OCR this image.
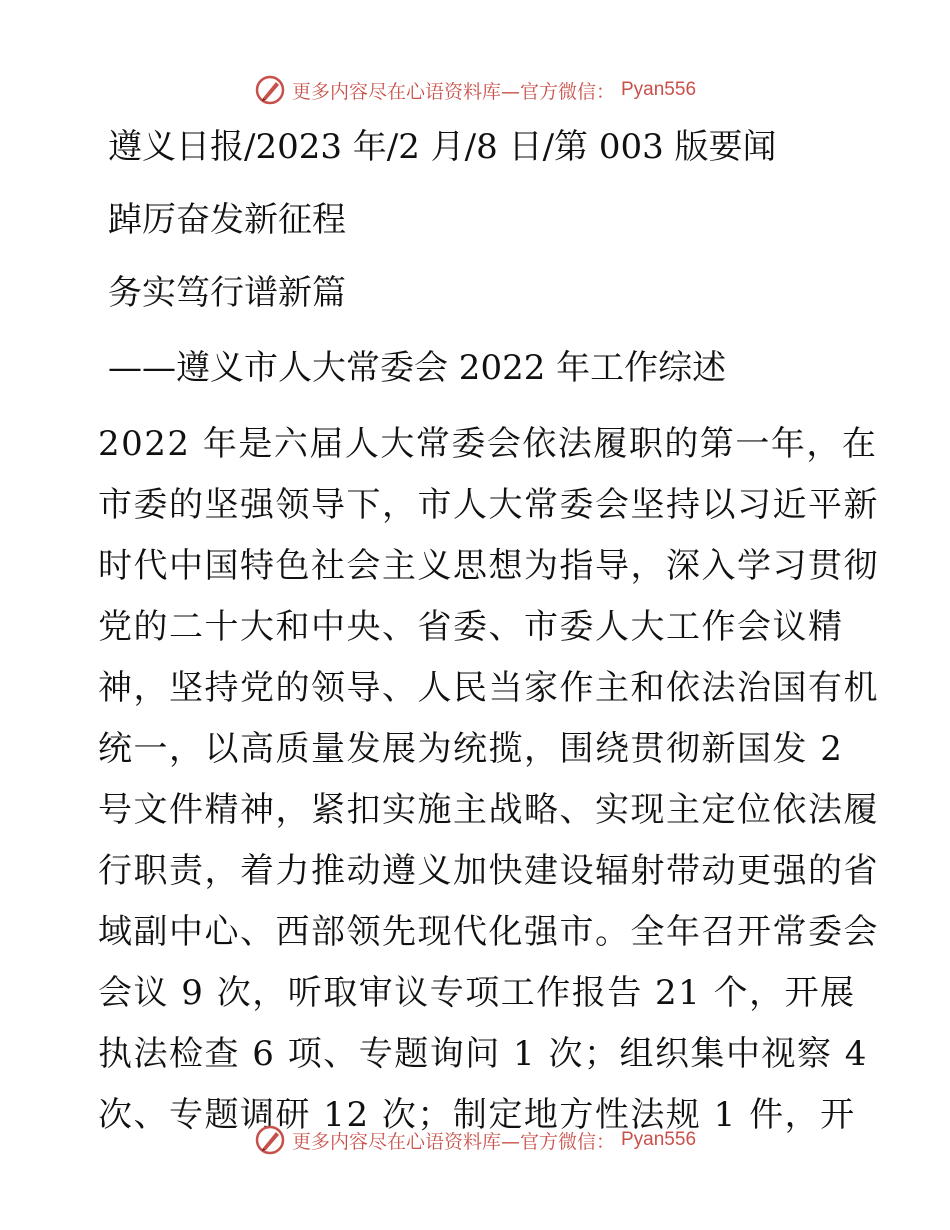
更多内容尽在心语资料库—官方微信： Pyan556
遵义日报/2023 年/2 月/8 日/第 003 版要闻
踔厉奋发新征程
务实笃行谱新篇
——遵义市人大常委会 2022 年工作综述
2022 年是六届人大常委会依法履职的第一年，在
市委的坚强领导下，市人大常委会坚持以习近平新
时代中国特色社会主义思想为指导，深入学习贯彻
党的二十大和中央、省委、市委人大工作会议精
神，坚持党的领导、人民当家作主和依法治国有机
统一，以高质量发展为统揽，围绕贯彻新国发 2
号文件精神，紧扣实施主战略、实现主定位依法履
行职责，着力推动遵义加快建设辐射带动更强的省
域副中心、西部领先现代化强市。全年召开常委会
会议 9 次，听取审议专项工作报告 21 个，开展
执法检查 6 项、专题询问 1 次；组织集中视察 4
次、专题调研 12 次；制定地方性法规 1 件，开
更多内容尽在心语资料库—官方微信： Pyan556
